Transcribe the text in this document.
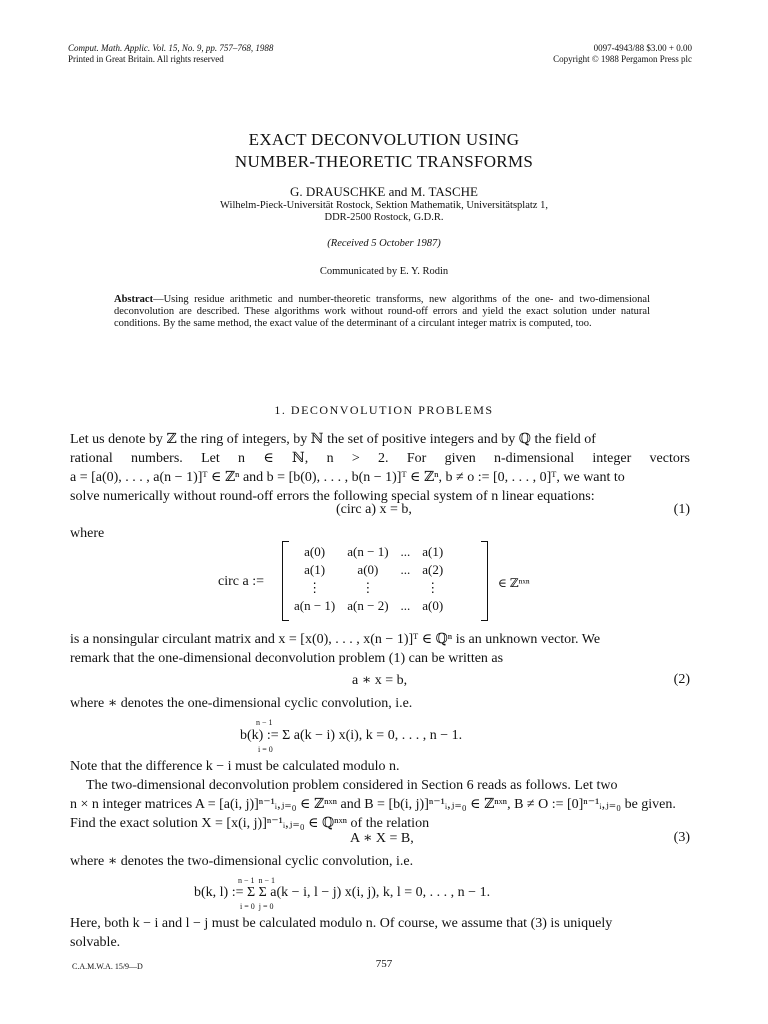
Comput. Math. Applic. Vol. 15, No. 9, pp. 757–768, 1988
Printed in Great Britain. All rights reserved
0097-4943/88 $3.00 + 0.00
Copyright © 1988 Pergamon Press plc
EXACT DECONVOLUTION USING
NUMBER-THEORETIC TRANSFORMS
G. DRAUSCHKE and M. TASCHE
Wilhelm-Pieck-Universität Rostock, Sektion Mathematik, Universitätsplatz 1,
DDR-2500 Rostock, G.D.R.
(Received 5 October 1987)
Communicated by E. Y. Rodin
Abstract—Using residue arithmetic and number-theoretic transforms, new algorithms of the one- and two-dimensional deconvolution are described. These algorithms work without round-off errors and yield the exact solution under natural conditions. By the same method, the exact value of the determinant of a circulant integer matrix is computed, too.
1. DECONVOLUTION PROBLEMS
Let us denote by ℤ the ring of integers, by ℕ the set of positive integers and by ℚ the field of
rational numbers. Let n ∈ ℕ, n > 2. For given n-dimensional integer vectors
a = [a(0), . . . , a(n − 1)]ᵀ ∈ ℤⁿ and b = [b(0), . . . , b(n − 1)]ᵀ ∈ ℤⁿ, b ≠ o := [0, . . . , 0]ᵀ, we want to
solve numerically without round-off errors the following special system of n linear equations:
(circ a) x = b,	(1)
where
circ a :=
a(0)	a(n − 1)	...	a(1)
a(1)	a(0)	...	a(2)
⋮	⋮		⋮
a(n − 1)	a(n − 2)	...	a(0)
∈ ℤⁿˣⁿ
is a nonsingular circulant matrix and x = [x(0), . . . , x(n − 1)]ᵀ ∈ ℚⁿ is an unknown vector. We
remark that the one-dimensional deconvolution problem (1) can be written as
a ∗ x = b,	(2)
where ∗ denotes the one-dimensional cyclic convolution, i.e.
n − 1
b(k) := Σ a(k − i) x(i), k = 0, . . . , n − 1.
i = 0
Note that the difference k − i must be calculated modulo n.
The two-dimensional deconvolution problem considered in Section 6 reads as follows. Let two
n × n integer matrices A = [a(i, j)]ⁿ⁻¹ᵢ,ⱼ₌₀ ∈ ℤⁿˣⁿ and B = [b(i, j)]ⁿ⁻¹ᵢ,ⱼ₌₀ ∈ ℤⁿˣⁿ, B ≠ O := [0]ⁿ⁻¹ᵢ,ⱼ₌₀ be given.
Find the exact solution X = [x(i, j)]ⁿ⁻¹ᵢ,ⱼ₌₀ ∈ ℚⁿˣⁿ of the relation
A ∗ X = B,	(3)
where ∗ denotes the two-dimensional cyclic convolution, i.e.
n − 1  n − 1
b(k, l) := Σ Σ a(k − i, l − j) x(i, j), k, l = 0, . . . , n − 1.
i = 0  j = 0
Here, both k − i and l − j must be calculated modulo n. Of course, we assume that (3) is uniquely
solvable.
C.A.M.W.A. 15/9—D	757
